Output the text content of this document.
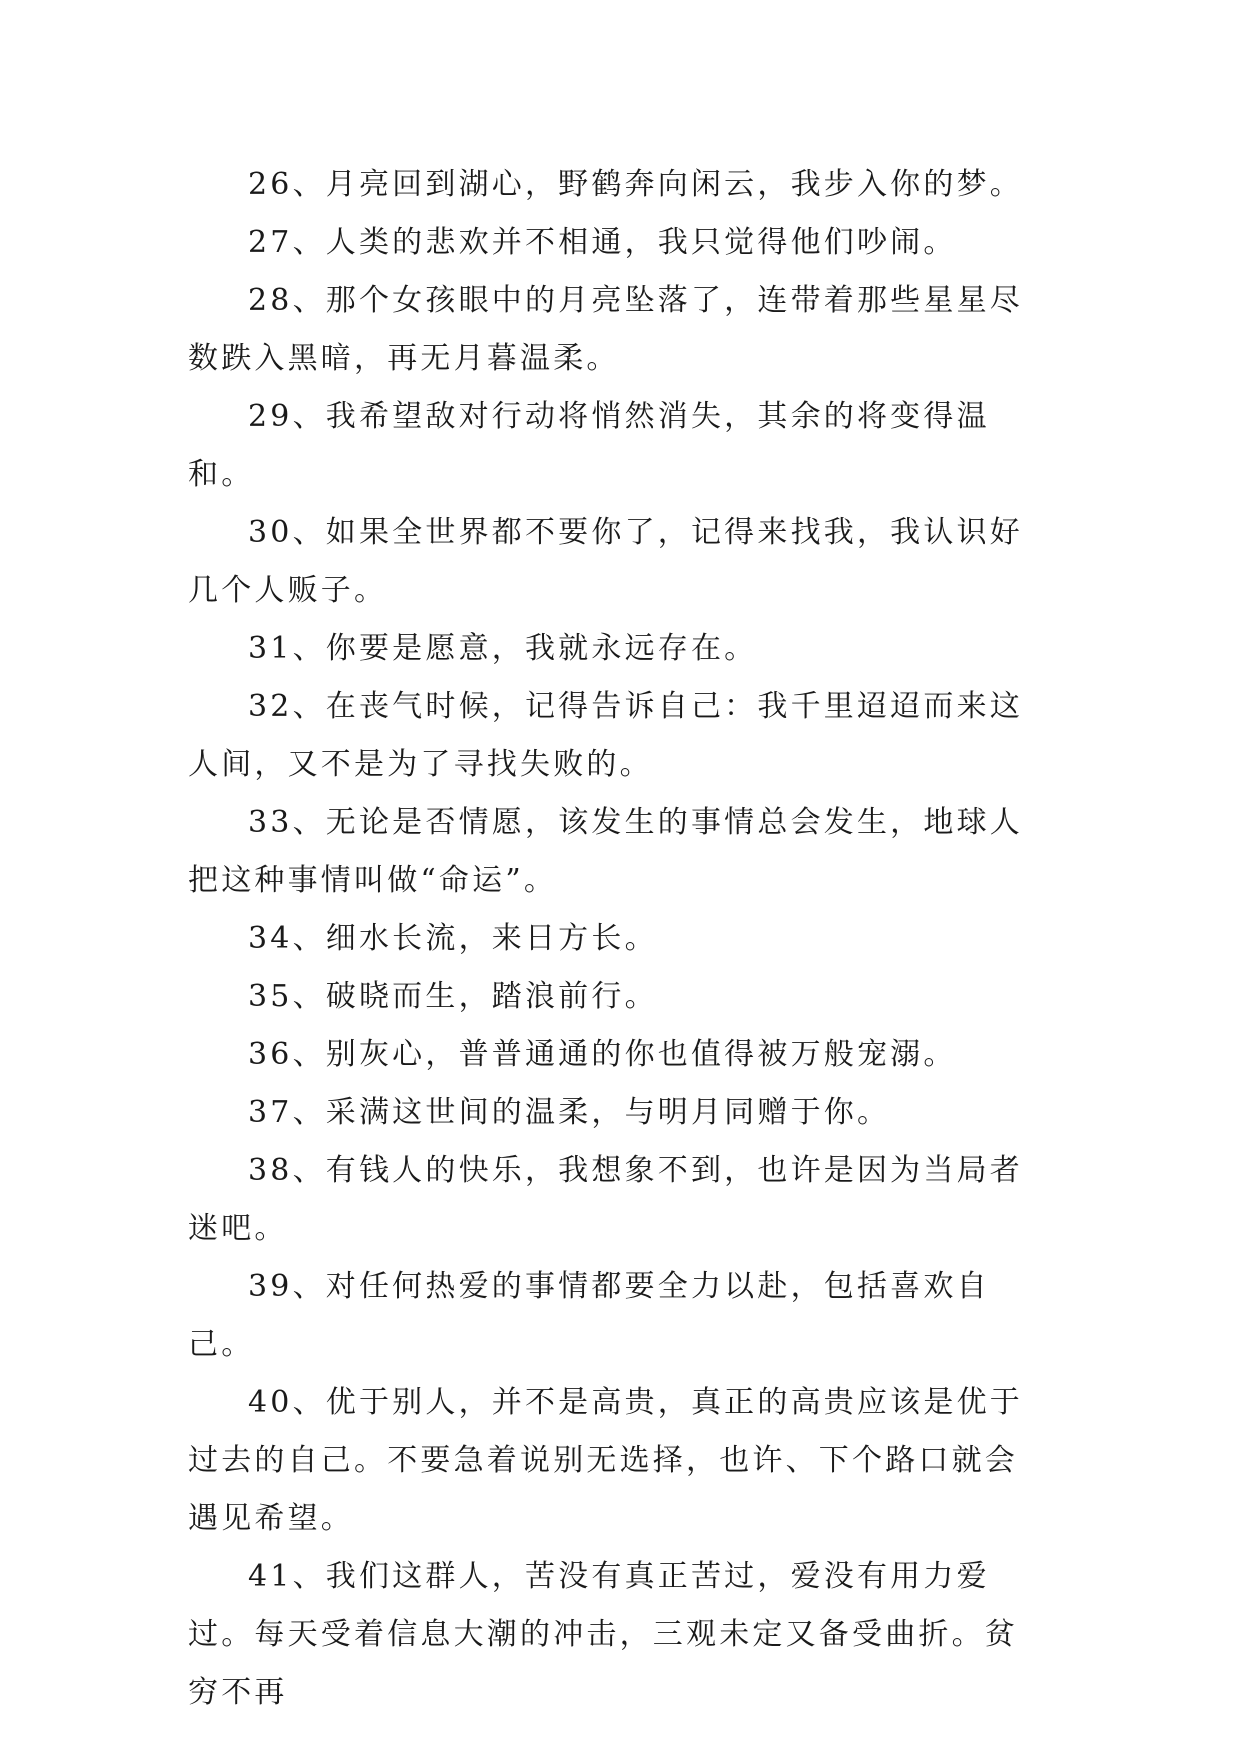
26、月亮回到湖心，野鹤奔向闲云，我步入你的梦。

27、人类的悲欢并不相通，我只觉得他们吵闹。

28、那个女孩眼中的月亮坠落了，连带着那些星星尽数跌入黑暗，再无月暮温柔。

29、我希望敌对行动将悄然消失，其余的将变得温和。

30、如果全世界都不要你了，记得来找我，我认识好几个人贩子。

31、你要是愿意，我就永远存在。

32、在丧气时候，记得告诉自己：我千里迢迢而来这人间，又不是为了寻找失败的。

33、无论是否情愿，该发生的事情总会发生，地球人把这种事情叫做“命运”。

34、细水长流，来日方长。

35、破晓而生，踏浪前行。

36、别灰心，普普通通的你也值得被万般宠溺。

37、采满这世间的温柔，与明月同赠于你。

38、有钱人的快乐，我想象不到，也许是因为当局者迷吧。

39、对任何热爱的事情都要全力以赴，包括喜欢自己。

40、优于别人，并不是高贵，真正的高贵应该是优于过去的自己。不要急着说别无选择，也许、下个路口就会遇见希望。

41、我们这群人，苦没有真正苦过，爱没有用力爱过。每天受着信息大潮的冲击，三观未定又备受曲折。贫穷不再
